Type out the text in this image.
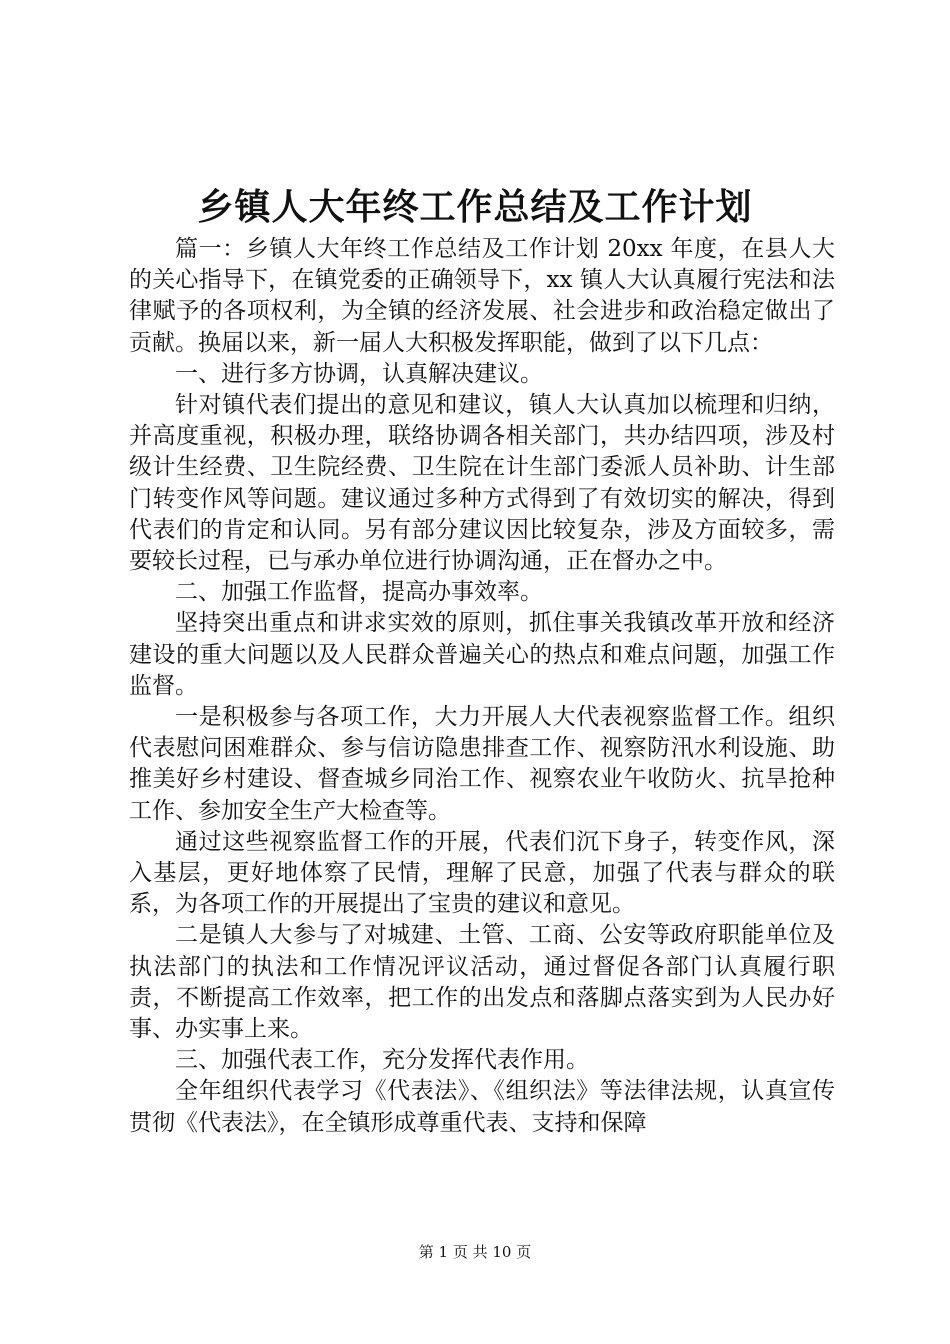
乡镇人大年终工作总结及工作计划

篇一：乡镇人大年终工作总结及工作计划 20xx 年度，在县人大的关心指导下，在镇党委的正确领导下，xx 镇人大认真履行宪法和法律赋予的各项权利，为全镇的经济发展、社会进步和政治稳定做出了贡献。换届以来，新一届人大积极发挥职能，做到了以下几点：

一、进行多方协调，认真解决建议。

针对镇代表们提出的意见和建议，镇人大认真加以梳理和归纳，并高度重视，积极办理，联络协调各相关部门，共办结四项，涉及村级计生经费、卫生院经费、卫生院在计生部门委派人员补助、计生部门转变作风等问题。建议通过多种方式得到了有效切实的解决，得到代表们的肯定和认同。另有部分建议因比较复杂，涉及方面较多，需要较长过程，已与承办单位进行协调沟通，正在督办之中。

二、加强工作监督，提高办事效率。

坚持突出重点和讲求实效的原则，抓住事关我镇改革开放和经济建设的重大问题以及人民群众普遍关心的热点和难点问题，加强工作监督。

一是积极参与各项工作，大力开展人大代表视察监督工作。组织代表慰问困难群众、参与信访隐患排查工作、视察防汛水利设施、助推美好乡村建设、督查城乡同治工作、视察农业午收防火、抗旱抢种工作、参加安全生产大检查等。

通过这些视察监督工作的开展，代表们沉下身子，转变作风，深入基层，更好地体察了民情，理解了民意，加强了代表与群众的联系，为各项工作的开展提出了宝贵的建议和意见。

二是镇人大参与了对城建、土管、工商、公安等政府职能单位及执法部门的执法和工作情况评议活动，通过督促各部门认真履行职责，不断提高工作效率，把工作的出发点和落脚点落实到为人民办好事、办实事上来。

三、加强代表工作，充分发挥代表作用。

全年组织代表学习《代表法》、《组织法》等法律法规，认真宣传贯彻《代表法》，在全镇形成尊重代表、支持和保障

第 1 页 共 10 页
